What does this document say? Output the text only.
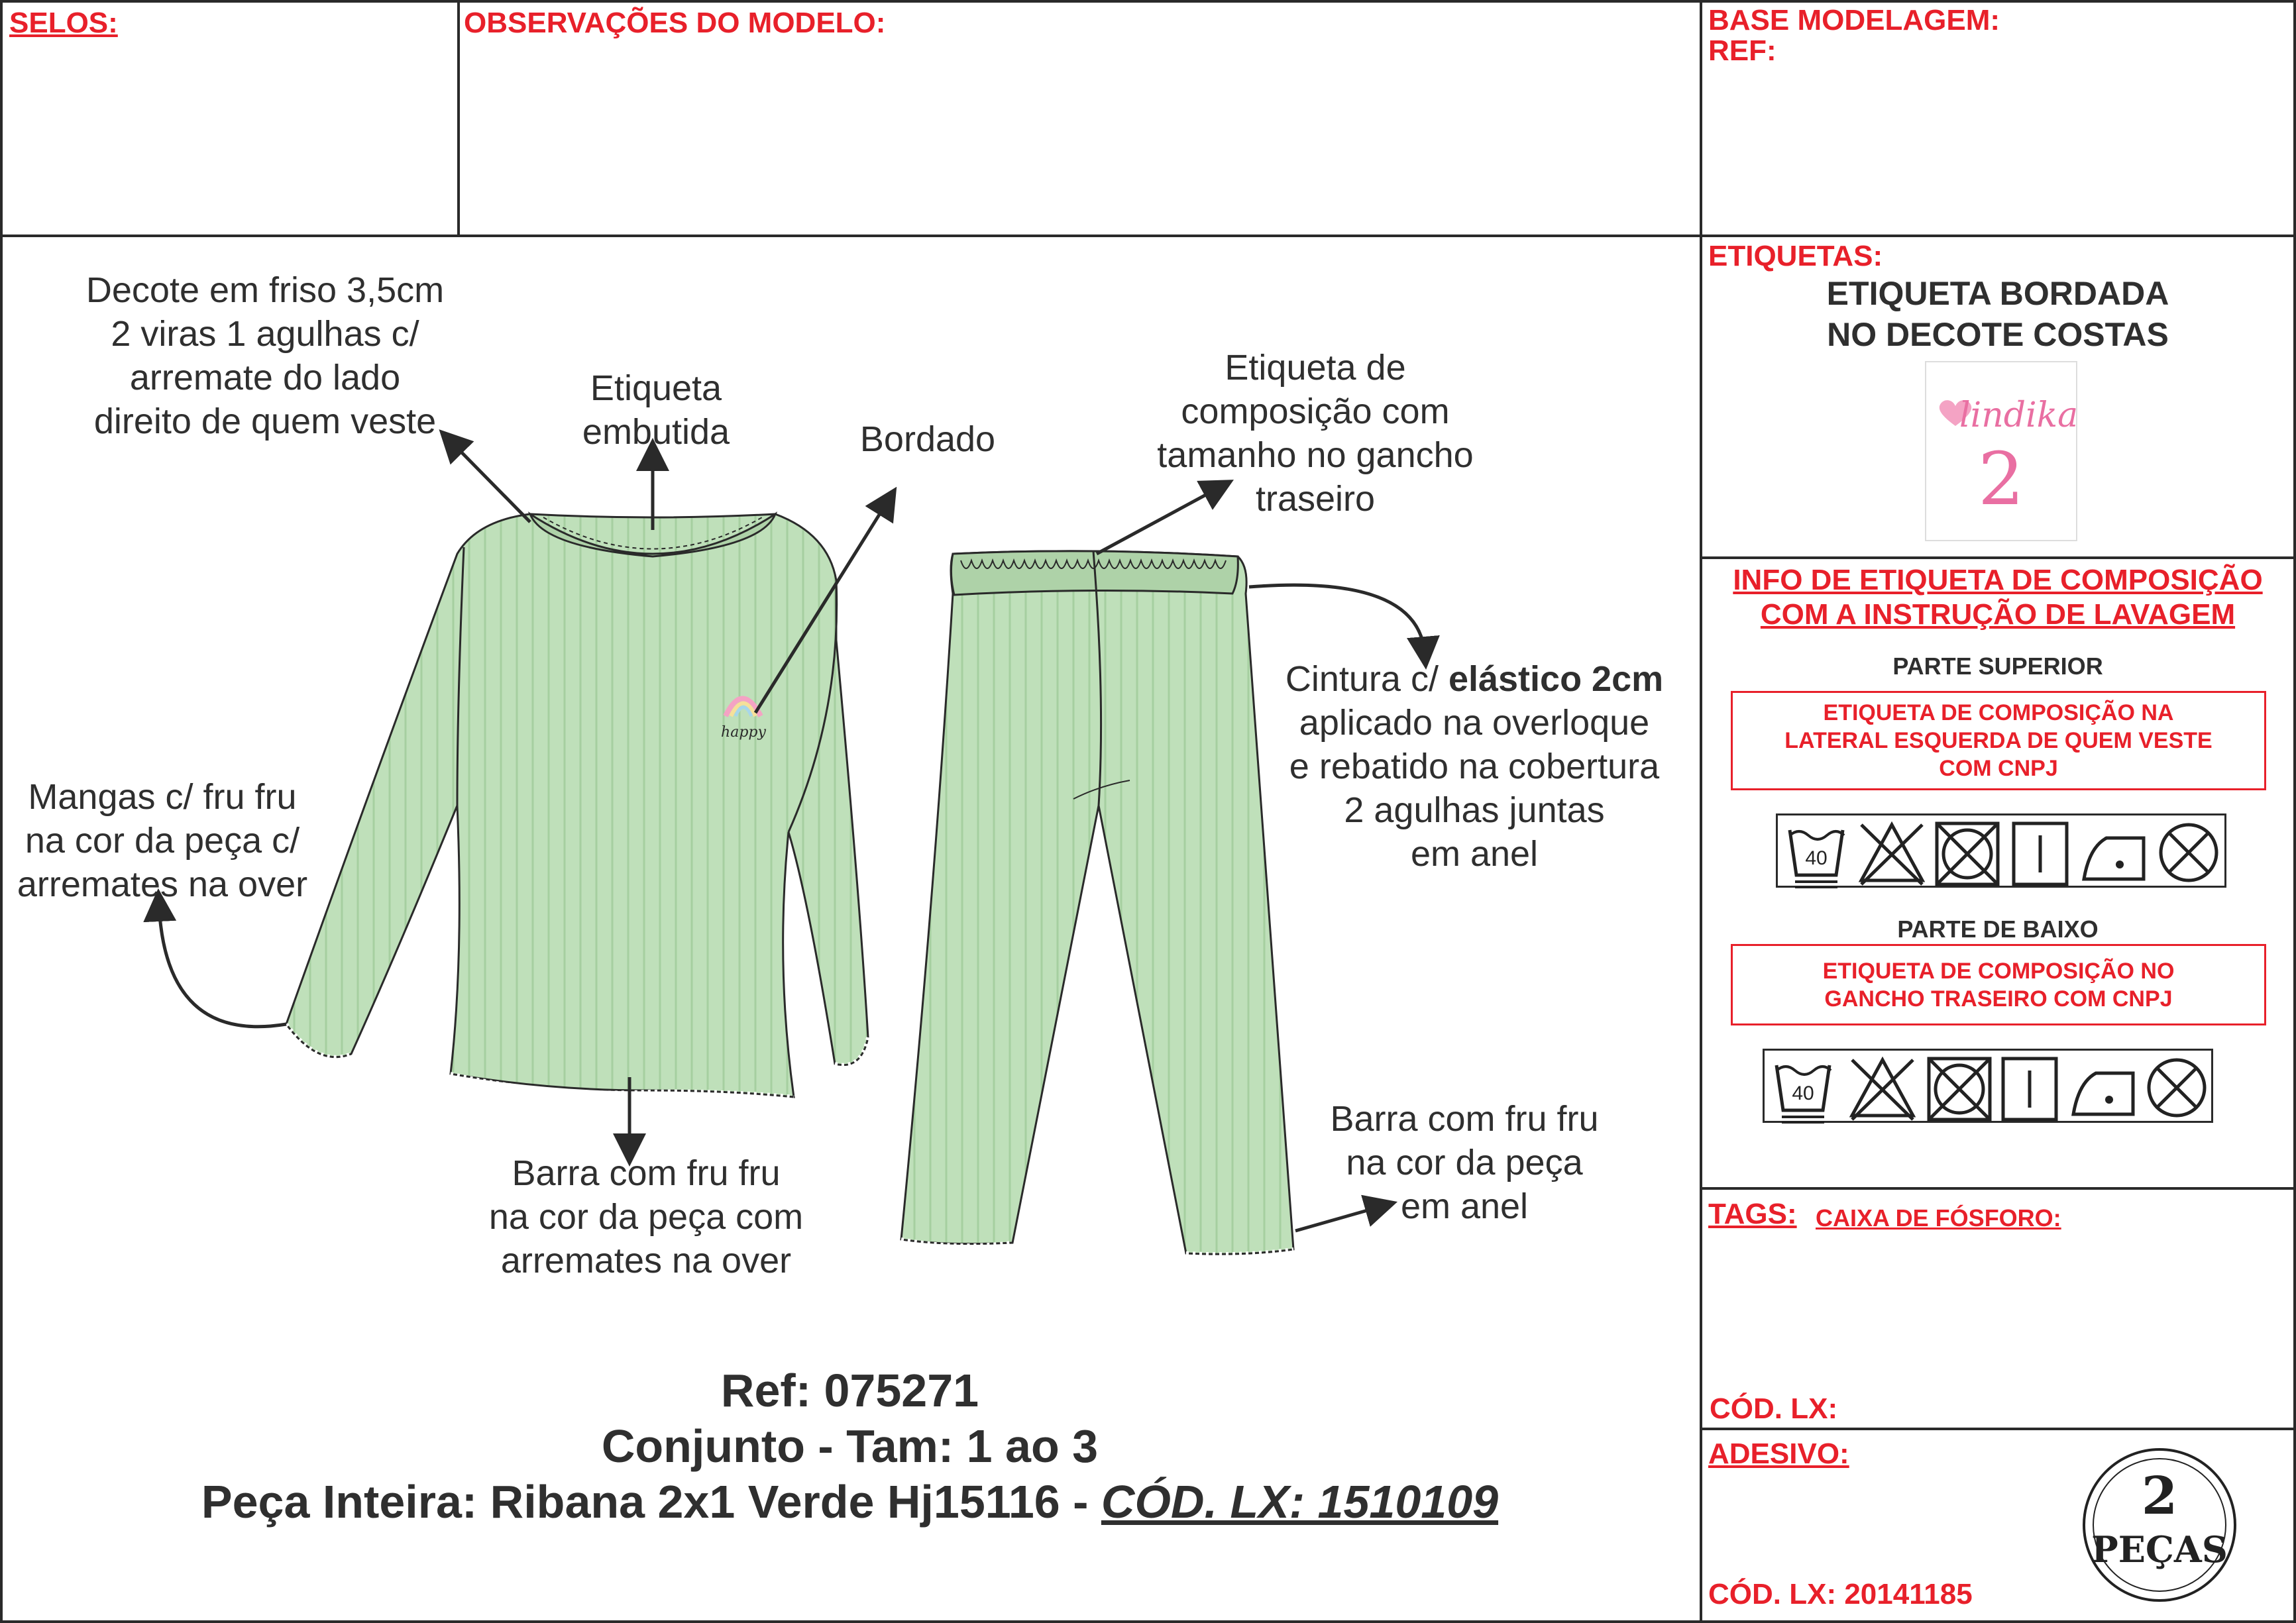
SELOS:	OBSERVAÇÕES DO MODELO:	BASE MODELAGEM:
REF:
ETIQUETAS:
ETIQUETA BORDADA
NO DECOTE COSTAS
lindika
2
INFO DE ETIQUETA DE COMPOSIÇÃO
COM A INSTRUÇÃO DE LAVAGEM
PARTE SUPERIOR
ETIQUETA DE COMPOSIÇÃO NA
LATERAL ESQUERDA DE QUEM VESTE
COM CNPJ
40
PARTE DE BAIXO
ETIQUETA DE COMPOSIÇÃO NO
GANCHO TRASEIRO COM CNPJ
40
TAGS: CAIXA DE FÓSFORO:
CÓD. LX:
ADESIVO:
CÓD. LX: 20141185
2
PEÇAS
happy
Decote em friso 3,5cm
2 viras 1 agulhas c/
arremate do lado
direito de quem veste
Etiqueta
embutida	Bordado
Etiqueta de
composição com
tamanho no gancho
traseiro
Cintura c/ elástico 2cm
aplicado na overloque
e rebatido na cobertura
2 agulhas juntas
em anel
Mangas c/ fru fru
na cor da peça c/
arremates na over
Barra com fru fru
na cor da peça com
arremates na over
Barra com fru fru
na cor da peça
em anel
Ref: 075271
Conjunto - Tam: 1 ao 3
Peça Inteira: Ribana 2x1 Verde Hj15116 - CÓD. LX: 1510109
